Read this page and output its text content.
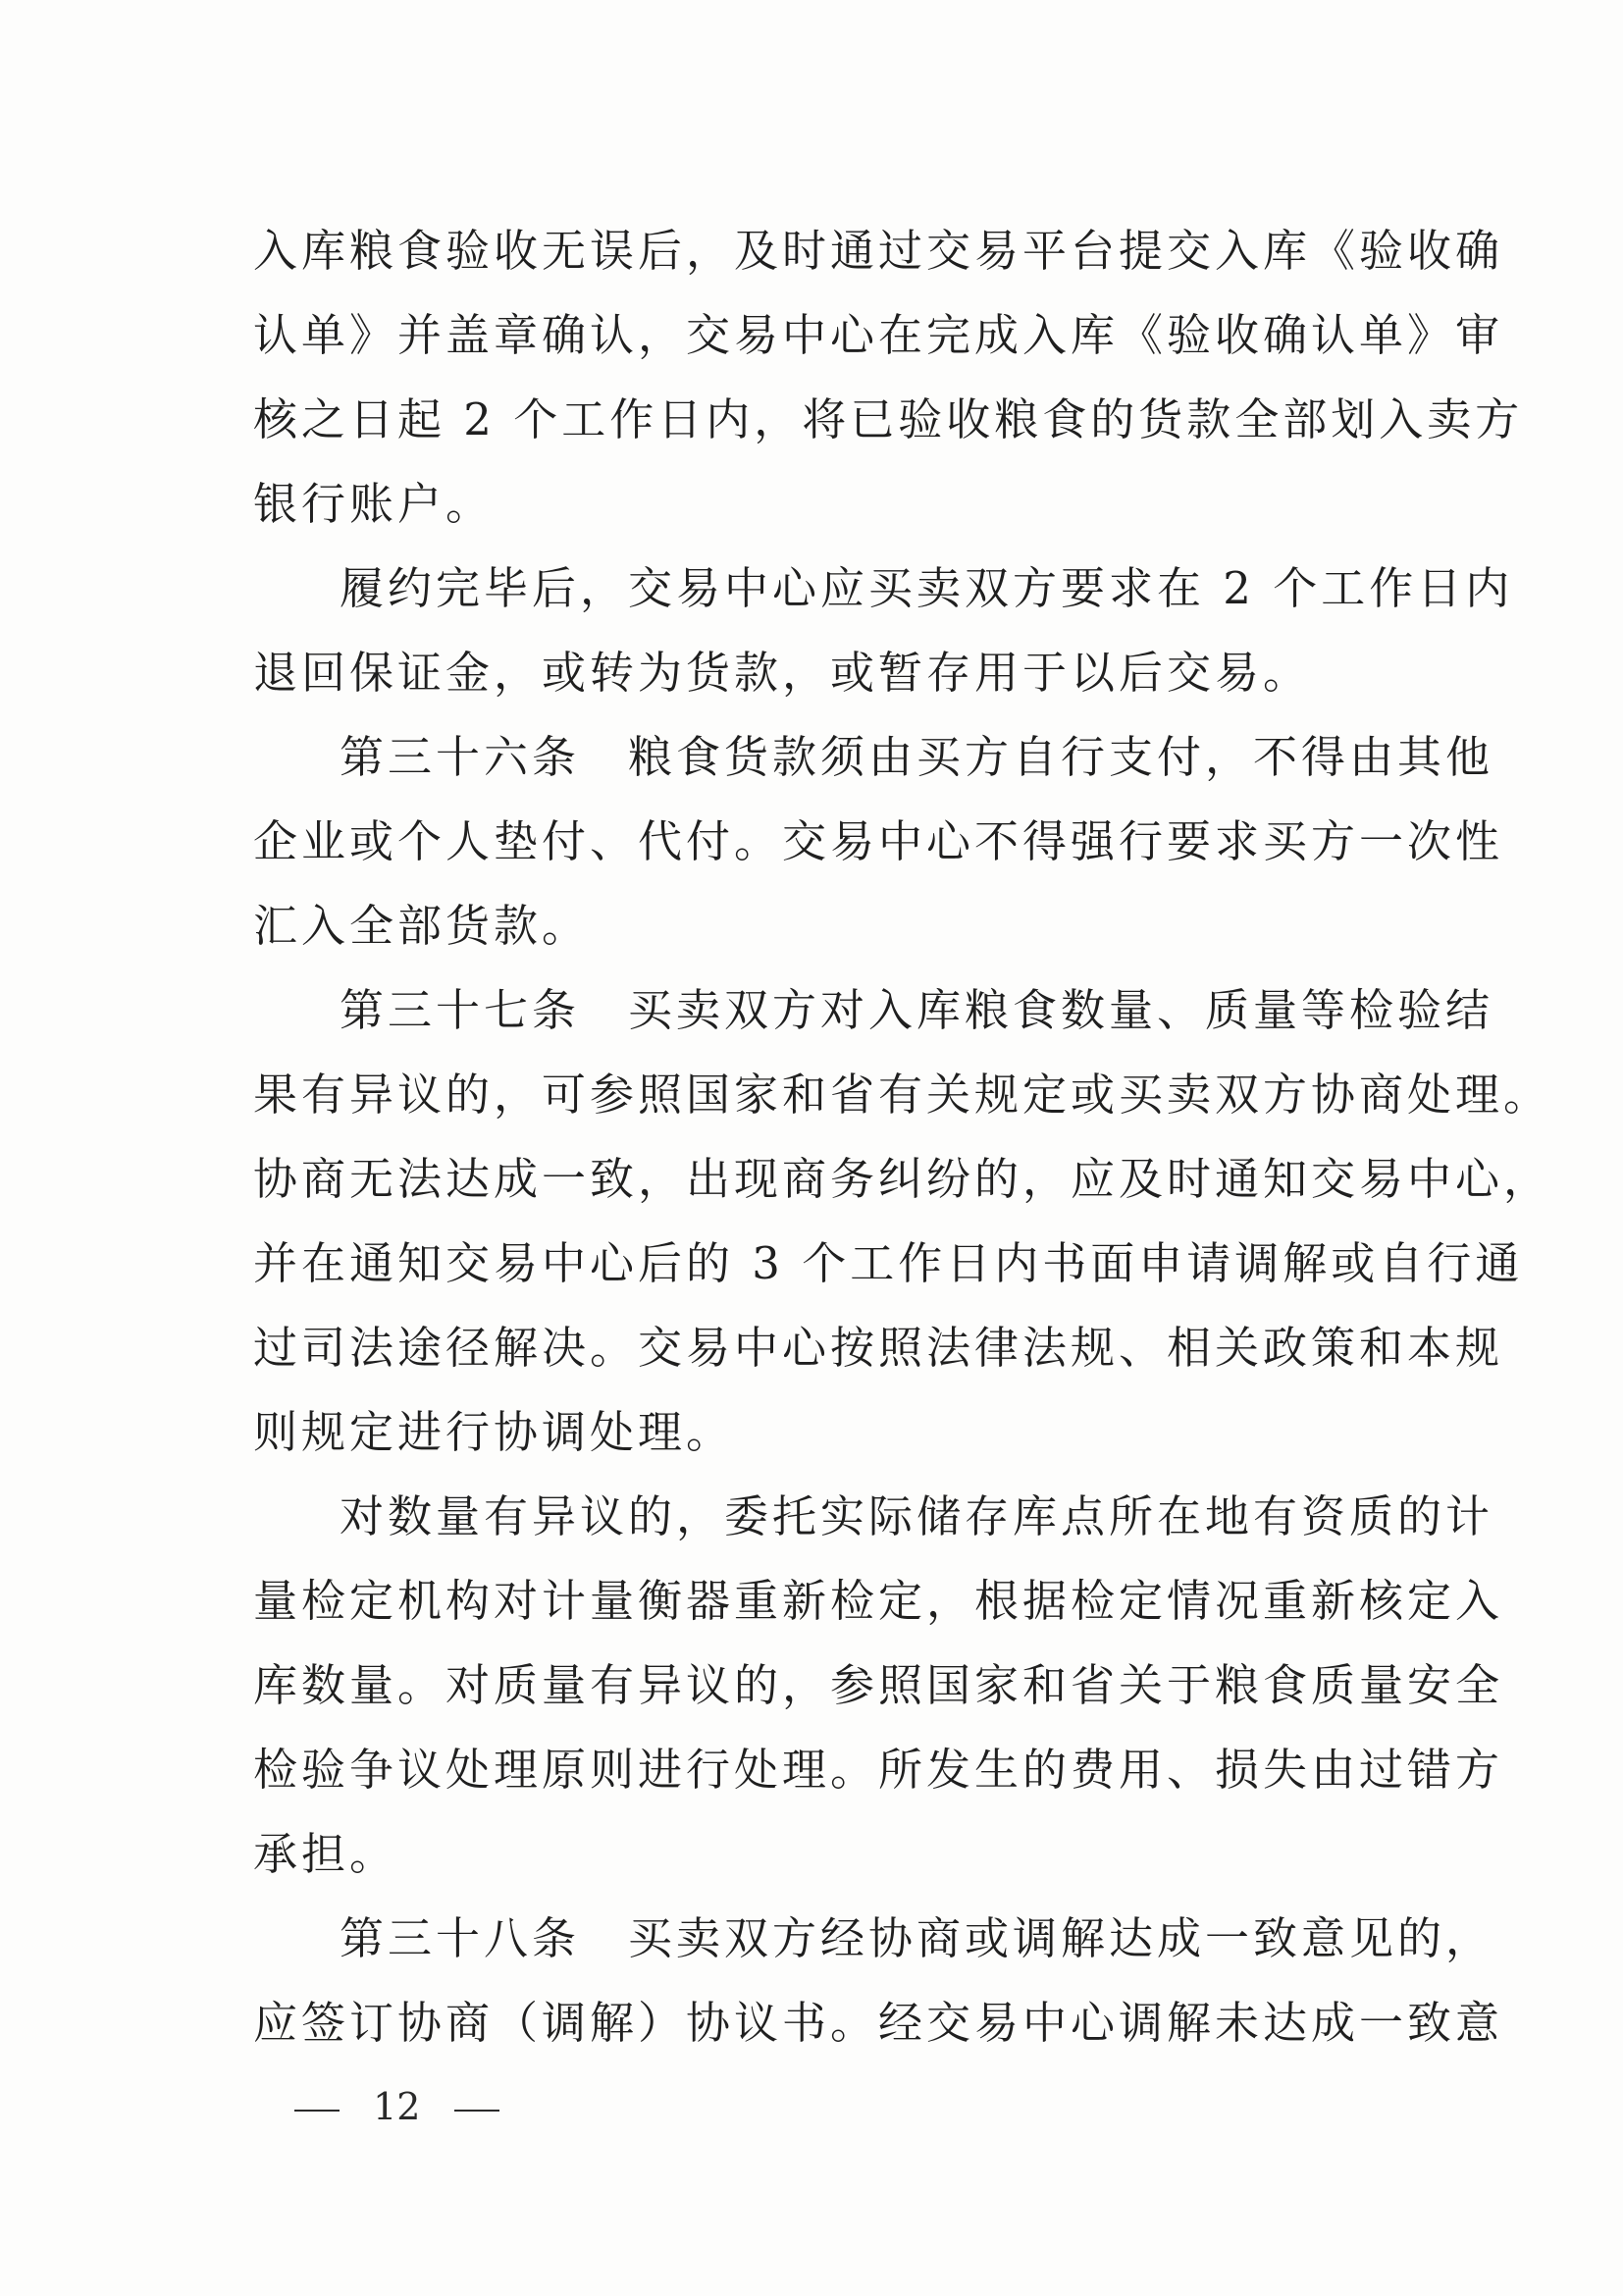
入库粮食验收无误后，及时通过交易平台提交入库《验收确
认单》并盖章确认，交易中心在完成入库《验收确认单》审
核之日起 2 个工作日内，将已验收粮食的货款全部划入卖方
银行账户。
履约完毕后，交易中心应买卖双方要求在 2 个工作日内
退回保证金，或转为货款，或暂存用于以后交易。
第三十六条　粮食货款须由买方自行支付，不得由其他
企业或个人垫付、代付。交易中心不得强行要求买方一次性
汇入全部货款。
第三十七条　买卖双方对入库粮食数量、质量等检验结
果有异议的，可参照国家和省有关规定或买卖双方协商处理。
协商无法达成一致，出现商务纠纷的，应及时通知交易中心，
并在通知交易中心后的 3 个工作日内书面申请调解或自行通
过司法途径解决。交易中心按照法律法规、相关政策和本规
则规定进行协调处理。
对数量有异议的，委托实际储存库点所在地有资质的计
量检定机构对计量衡器重新检定，根据检定情况重新核定入
库数量。对质量有异议的，参照国家和省关于粮食质量安全
检验争议处理原则进行处理。所发生的费用、损失由过错方
承担。
第三十八条　买卖双方经协商或调解达成一致意见的，
应签订协商（调解）协议书。经交易中心调解未达成一致意
12
